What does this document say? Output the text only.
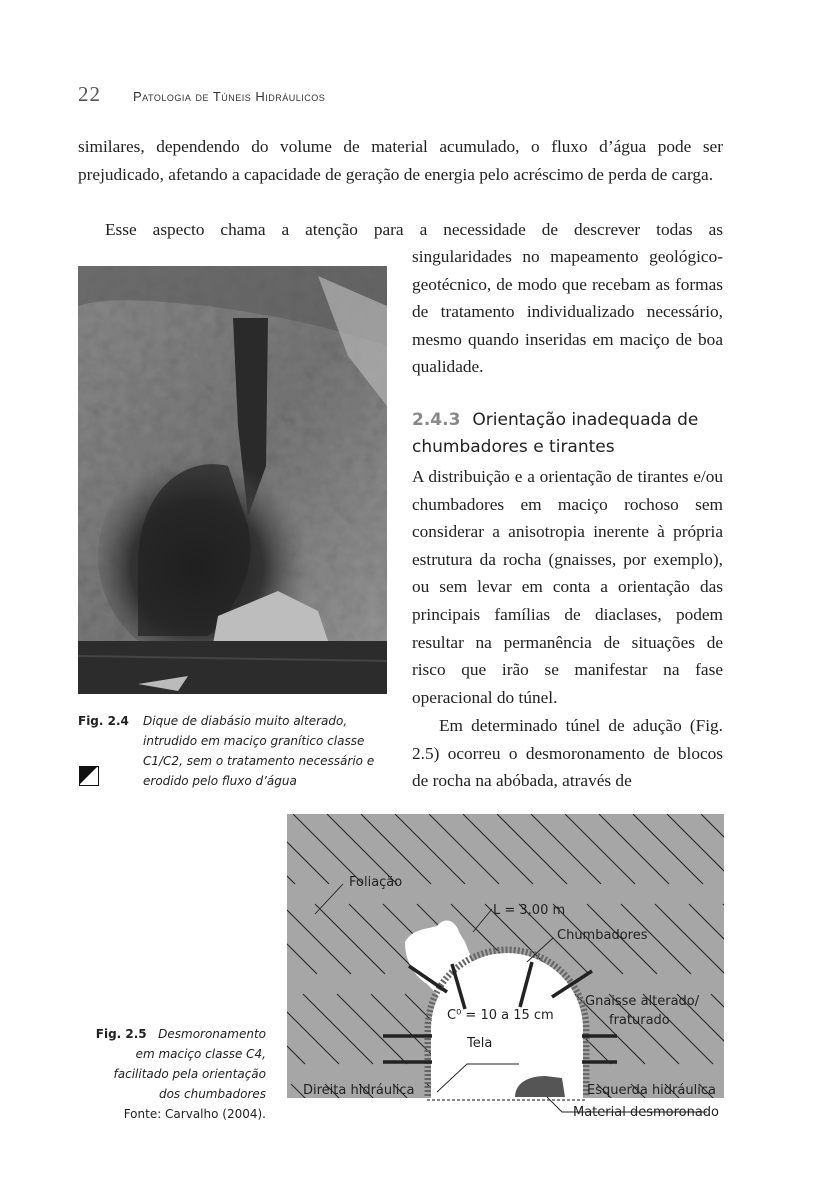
22 Patologia de Túneis Hidráulicos
similares, dependendo do volume de material acumulado, o fluxo d’água pode ser prejudicado, afetando a capacidade de geração de energia pelo acréscimo de perda de carga.
Esse aspecto chama a atenção para a necessidade de descrever todas as
singularidades no mapeamento geológico-geotécnico, de modo que recebam as formas de tratamento individualizado necessário, mesmo quando inseridas em maciço de boa qualidade.
2.4.3 Orientação inadequada de chumbadores e tirantes
A distribuição e a orientação de tirantes e/ou chumbadores em maciço rochoso sem considerar a anisotropia inerente à própria estrutura da rocha (gnaisses, por exemplo), ou sem levar em conta a orientação das principais famílias de diaclases, podem resultar na permanência de situações de risco que irão se manifestar na fase operacional do túnel.
Em determinado túnel de adução (Fig. 2.5) ocorreu o desmoronamento de blocos de rocha na abóbada, através de
Fig. 2.4 Dique de diabásio muito alterado, intrudido em maciço granítico classe C1/C2, sem o tratamento necessário e erodido pelo fluxo d’água
Fig. 2.5 Desmoronamento
em maciço classe C4,
facilitado pela orientação
dos chumbadores
Fonte: Carvalho (2004).
Foliação
L = 3,00 m
Chumbadores
Gnaisse alterado/
fraturado
C⁰ = 10 a 15 cm
Tela
Direita hidráulica	Esquerda hidráulica
Material desmoronado
